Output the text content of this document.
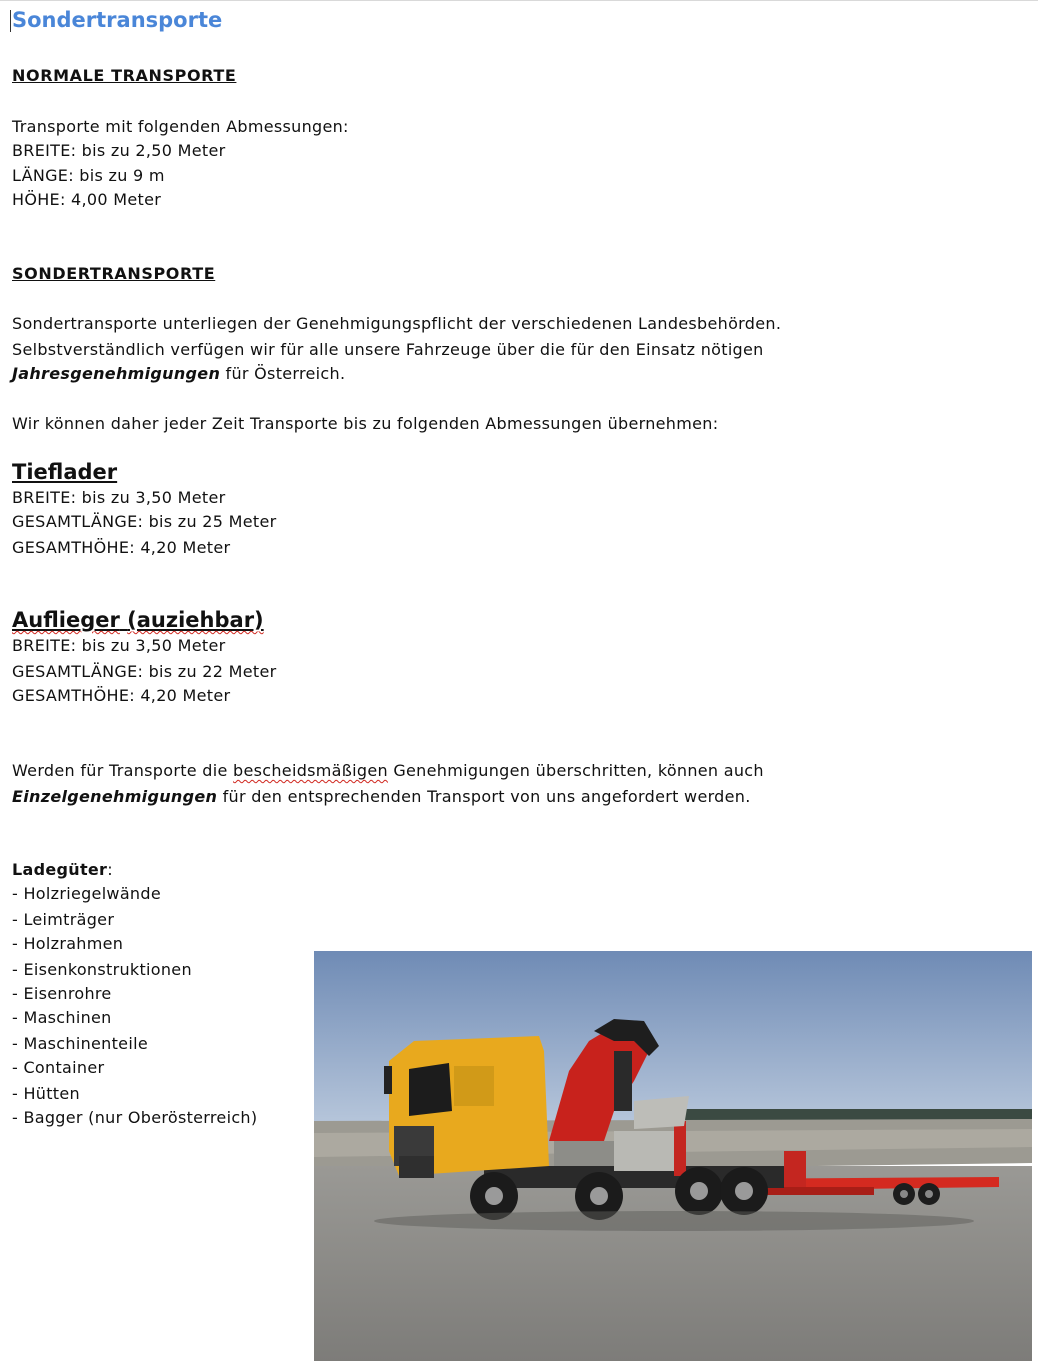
Sondertransporte
NORMALE TRANSPORTE
Transporte mit folgenden Abmessungen:
BREITE: bis zu 2,50 Meter
LÄNGE: bis zu 9 m
HÖHE: 4,00 Meter
SONDERTRANSPORTE
Sondertransporte unterliegen der Genehmigungspflicht der verschiedenen Landesbehörden.
Selbstverständlich verfügen wir für alle unsere Fahrzeuge über die für den Einsatz nötigen
Jahresgenehmigungen für Österreich.
Wir können daher jeder Zeit Transporte bis zu folgenden Abmessungen übernehmen:
Tieflader
BREITE: bis zu 3,50 Meter
GESAMTLÄNGE: bis zu 25 Meter
GESAMTHÖHE: 4,20 Meter
Auflieger (auziehbar)
BREITE: bis zu 3,50 Meter
GESAMTLÄNGE: bis zu 22 Meter
GESAMTHÖHE: 4,20 Meter
Werden für Transporte die bescheidsmäßigen Genehmigungen überschritten, können auch
Einzelgenehmigungen für den entsprechenden Transport von uns angefordert werden.
Ladegüter:
- Holzriegelwände
- Leimträger
- Holzrahmen
- Eisenkonstruktionen
- Eisenrohre
- Maschinen
- Maschinenteile
- Container
- Hütten
- Bagger (nur Oberösterreich)
